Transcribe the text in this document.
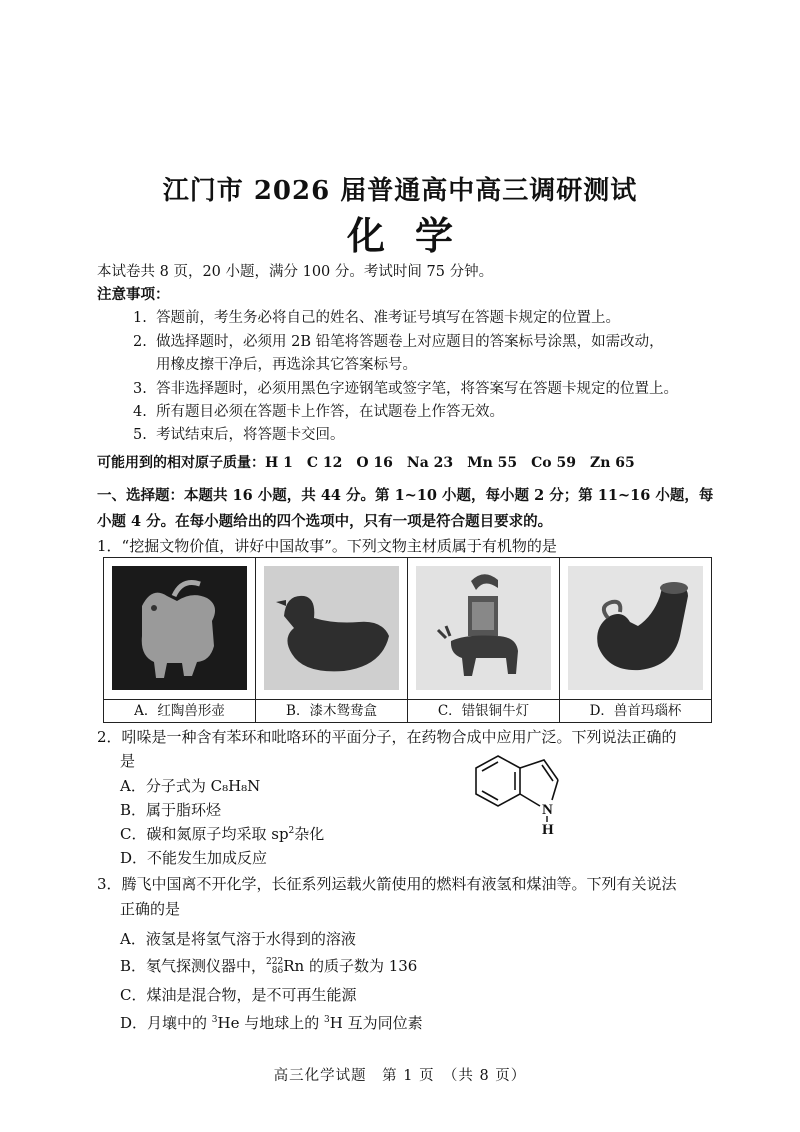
江门市 2026 届普通高中高三调研测试
化学
本试卷共 8 页，20 小题，满分 100 分。考试时间 75 分钟。
注意事项：
1. 答题前，考生务必将自己的姓名、准考证号填写在答题卡规定的位置上。
2. 做选择题时，必须用 2B 铅笔将答题卷上对应题目的答案标号涂黑，如需改动，
用橡皮擦干净后，再选涂其它答案标号。
3. 答非选择题时，必须用黑色字迹钢笔或签字笔，将答案写在答题卡规定的位置上。
4. 所有题目必须在答题卡上作答，在试题卷上作答无效。
5. 考试结束后，将答题卡交回。
可能用到的相对原子质量：H 1　C 12　O 16　Na 23　Mn 55　Co 59　Zn 65
一、选择题：本题共 16 小题，共 44 分。第 1~10 小题，每小题 2 分；第 11~16 小题，每
小题 4 分。在每小题给出的四个选项中，只有一项是符合题目要求的。
1．“挖掘文物价值，讲好中国故事”。下列文物主材质属于有机物的是
A．红陶兽形壶	B．漆木鸳鸯盒	C．错银铜牛灯	D．兽首玛瑙杯
2．吲哚是一种含有苯环和吡咯环的平面分子，在药物合成中应用广泛。下列说法正确的
是
A．分子式为 C₈H₈N
B．属于脂环烃
C．碳和氮原子均采取 $sp^2$杂化
D．不能发生加成反应
N
H
3．腾飞中国离不开化学，长征系列运载火箭使用的燃料有液氢和煤油等。下列有关说法
正确的是
A．液氢是将氢气溶于水得到的溶液
B．氡气探测仪器中， 222
86 Rn 的质子数为 136
C．煤油是混合物，是不可再生能源
D．月壤中的 $^3$He 与地球上的 $^3$H 互为同位素
高三化学试题　第 1 页　（共 8 页）
